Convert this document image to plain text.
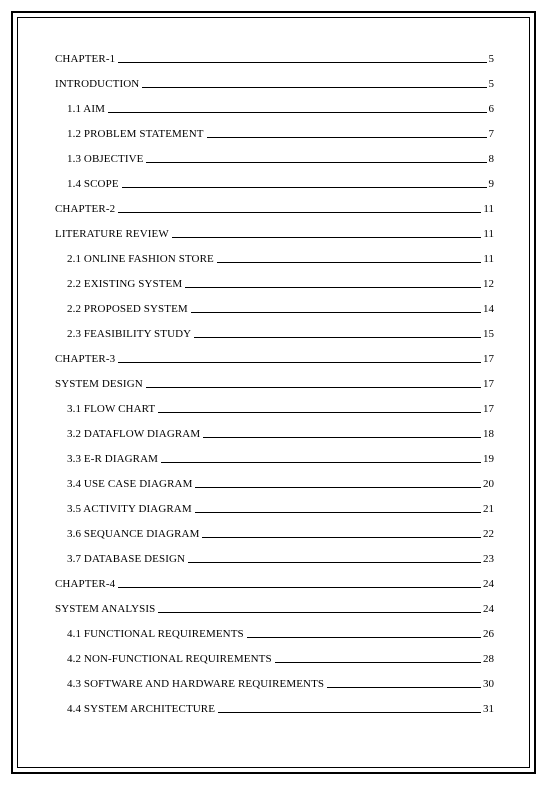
CHAPTER-1	5
INTRODUCTION	5
1.1 AIM	6
1.2 PROBLEM STATEMENT	7
1.3 OBJECTIVE	8
1.4 SCOPE	9
CHAPTER-2	11
LITERATURE REVIEW	11
2.1 ONLINE FASHION STORE	11
2.2 EXISTING SYSTEM	12
2.2 PROPOSED SYSTEM	14
2.3 FEASIBILITY STUDY	15
CHAPTER-3	17
SYSTEM DESIGN	17
3.1 FLOW CHART	17
3.2 DATAFLOW DIAGRAM	18
3.3 E-R DIAGRAM	19
3.4 USE CASE DIAGRAM	20
3.5 ACTIVITY DIAGRAM	21
3.6 SEQUANCE DIAGRAM	22
3.7 DATABASE DESIGN	23
CHAPTER-4	24
SYSTEM ANALYSIS	24
4.1 FUNCTIONAL REQUIREMENTS	26
4.2 NON-FUNCTIONAL REQUIREMENTS	28
4.3 SOFTWARE AND HARDWARE REQUIREMENTS	30
4.4 SYSTEM ARCHITECTURE	31
